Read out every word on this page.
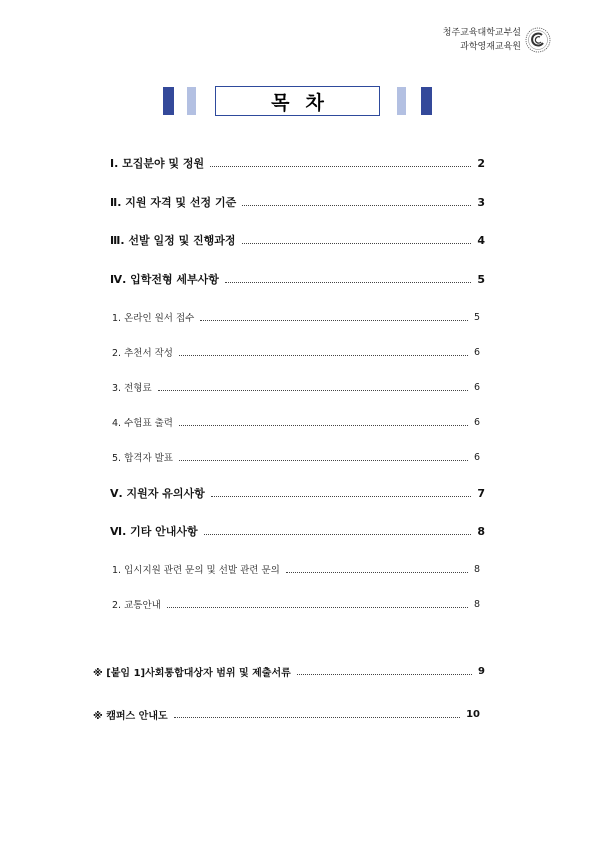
청주교육대학교부설
과학영재교육원
목차
Ⅰ. 모집분야 및 정원	2
Ⅱ. 지원 자격 및 선정 기준	3
Ⅲ. 선발 일정 및 진행과정	4
Ⅳ. 입학전형 세부사항	5
1. 온라인 원서 접수	5
2. 추천서 작성	6
3. 전형료	6
4. 수험표 출력	6
5. 합격자 발표	6
Ⅴ. 지원자 유의사항	7
Ⅵ. 기타 안내사항	8
1. 입시지원 관련 문의 및 선발 관련 문의	8
2. 교통안내	8
※ [붙임 1]사회통합대상자 범위 및 제출서류	9
※ 캠퍼스 안내도	10
